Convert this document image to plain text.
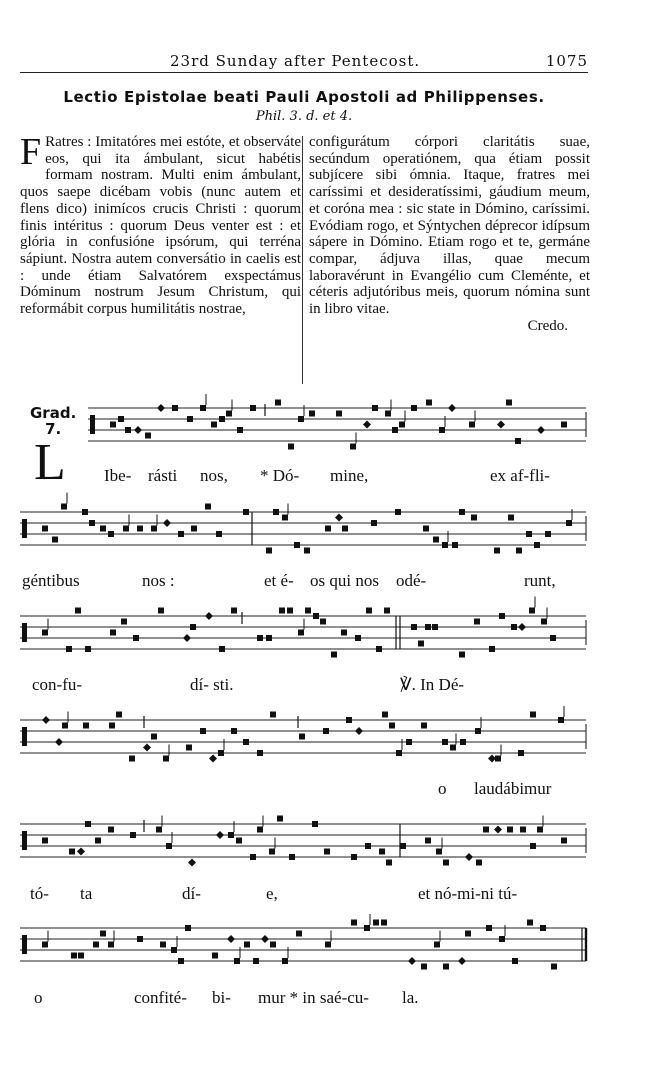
23rd Sunday after Pentecost.	1075
Lectio Epistolae beati Pauli Apostoli ad Philippenses.
Phil. 3. d. et 4.
F Ratres : Imitatóres mei estóte, et observáte eos, qui ita ámbulant, sicut habétis formam nostram. Multi enim ámbulant, quos saepe dicébam vobis (nunc autem et flens dico) inimícos crucis Christi : quorum finis intéritus : quorum Deus venter est : et glória in confusióne ipsórum, qui terréna sápiunt. Nostra autem conversátio in caelis est : unde étiam Salvatórem exspectámus Dóminum nostrum Jesum Christum, qui reformábit corpus humilitátis nostrae,
configurátum córpori claritátis suae, secúndum operatiónem, qua étiam possit subjícere sibi ómnia. Itaque, fratres mei caríssimi et desideratíssimi, gáudium meum, et coróna mea : sic state in Dómino, caríssimi. Evódiam rogo, et Sýntychen déprecor idípsum sápere in Dómino. Etiam rogo et te, germáne compar, ádjuva illas, quae mecum laboravérunt in Evangélio cum Cleménte, et céteris adjutóribus meis, quorum nómina sunt in libro vitae.
Credo.
Grad.
7.
L Ibe- rásti nos, * Dó- mine,	ex af-fli-
géntibus	nos :	et é- os qui nos odé-	runt,
con-fu-	dí- sti.	℣. In Dé-
o laudábimur
tó- ta	dí-	e,	et nó-mi-ni tú-
o	confité- bi- mur * in saé-cu- la.
